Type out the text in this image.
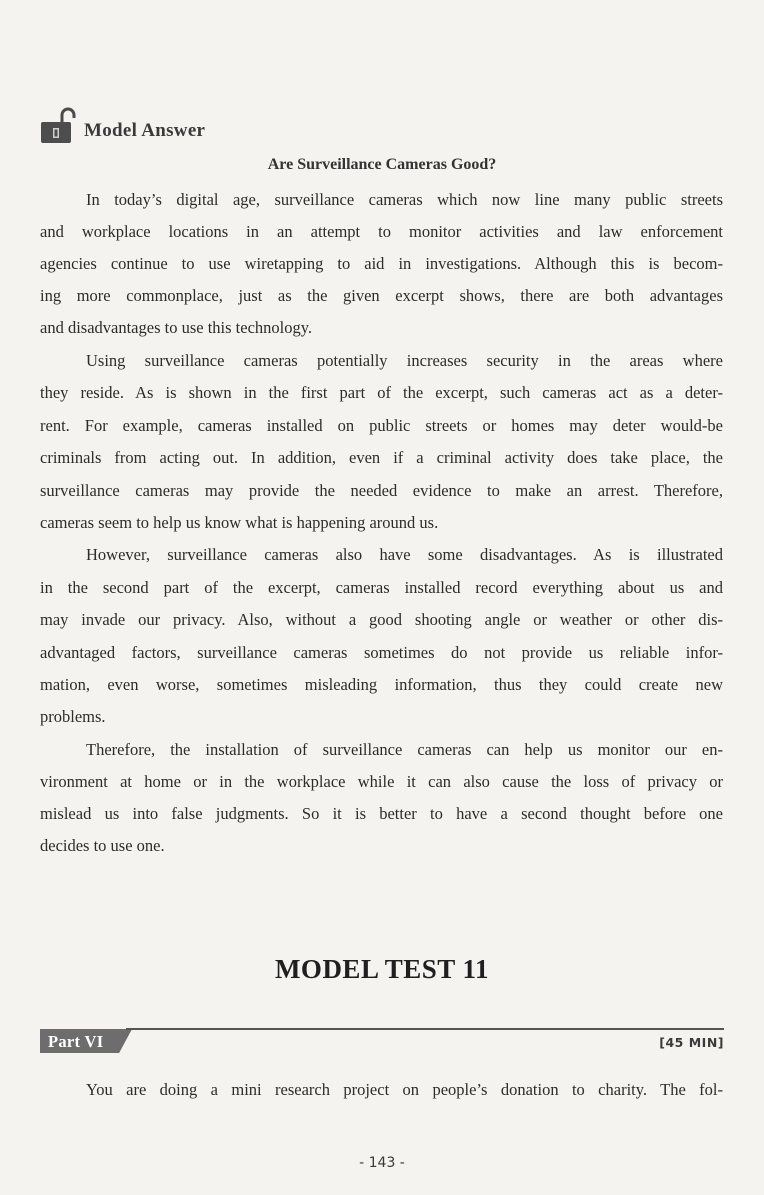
Model Answer
Are Surveillance Cameras Good?
In today’s digital age, surveillance cameras which now line many public streets
and workplace locations in an attempt to monitor activities and law enforcement
agencies continue to use wiretapping to aid in investigations. Although this is becom-
ing more commonplace, just as the given excerpt shows, there are both advantages
and disadvantages to use this technology.
Using surveillance cameras potentially increases security in the areas where
they reside. As is shown in the first part of the excerpt, such cameras act as a deter-
rent. For example, cameras installed on public streets or homes may deter would-be
criminals from acting out. In addition, even if a criminal activity does take place, the
surveillance cameras may provide the needed evidence to make an arrest. Therefore,
cameras seem to help us know what is happening around us.
However, surveillance cameras also have some disadvantages. As is illustrated
in the second part of the excerpt, cameras installed record everything about us and
may invade our privacy. Also, without a good shooting angle or weather or other dis-
advantaged factors, surveillance cameras sometimes do not provide us reliable infor-
mation, even worse, sometimes misleading information, thus they could create new
problems.
Therefore, the installation of surveillance cameras can help us monitor our en-
vironment at home or in the workplace while it can also cause the loss of privacy or
mislead us into false judgments. So it is better to have a second thought before one
decides to use one.
MODEL TEST 11
Part VI	[45 MIN]
You are doing a mini research project on people’s donation to charity. The fol-
- 143 -
